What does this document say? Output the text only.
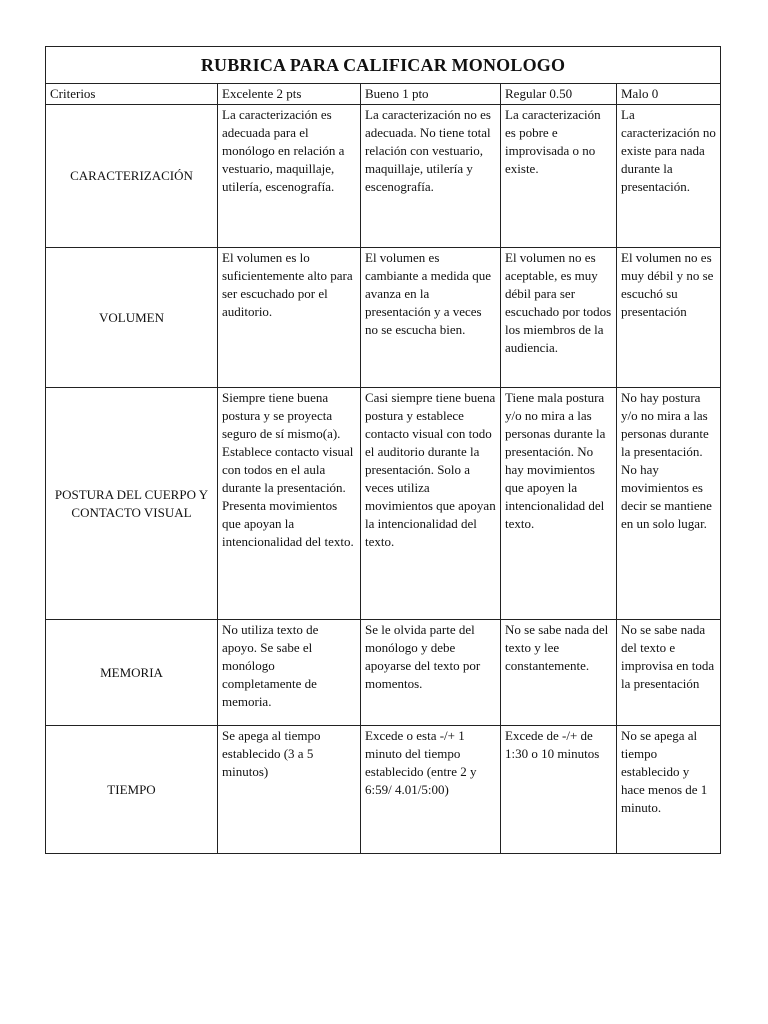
RUBRICA PARA CALIFICAR MONOLOGO				
Criterios	Excelente 2 pts	Bueno 1 pto	Regular 0.50	Malo 0
CARACTERIZACIÓN	La caracterización es adecuada para el monólogo en relación a vestuario, maquillaje, utilería, escenografía.	La caracterización no es adecuada. No tiene total relación con vestuario, maquillaje, utilería y escenografía.	La caracterización es pobre e improvisada o no existe.	La caracterización no existe para nada durante la presentación.
VOLUMEN	El volumen es lo suficientemente alto para ser escuchado por el auditorio.	El volumen es cambiante a medida que avanza en la presentación y a veces no se escucha bien.	El volumen no es aceptable, es muy débil para ser escuchado por todos los miembros de la audiencia.	El volumen no es muy débil y no se escuchó su presentación
POSTURA DEL CUERPO Y CONTACTO VISUAL	Siempre tiene buena postura y se proyecta seguro de sí mismo(a). Establece contacto visual con todos en el aula durante la presentación. Presenta movimientos que apoyan la intencionalidad del texto.	Casi siempre tiene buena postura y establece contacto visual con todo el auditorio durante la presentación. Solo a veces utiliza movimientos que apoyan la intencionalidad del texto.	Tiene mala postura y/o no mira a las personas durante la presentación. No hay movimientos que apoyen la intencionalidad del texto.	No hay postura y/o no mira a las personas durante la presentación. No hay movimientos es decir se mantiene en un solo lugar.
MEMORIA	No utiliza texto de apoyo. Se sabe el monólogo completamente de memoria.	Se le olvida parte del monólogo y debe apoyarse del texto por momentos.	No se sabe nada del texto y lee constantemente.	No se sabe nada del texto e improvisa en toda la presentación
TIEMPO	Se apega al tiempo establecido (3 a 5 minutos)	Excede o esta -/+ 1 minuto del tiempo establecido (entre 2 y 6:59/ 4.01/5:00)	Excede de -/+ de 1:30 o 10 minutos	No se apega al tiempo establecido y hace menos de 1 minuto.
